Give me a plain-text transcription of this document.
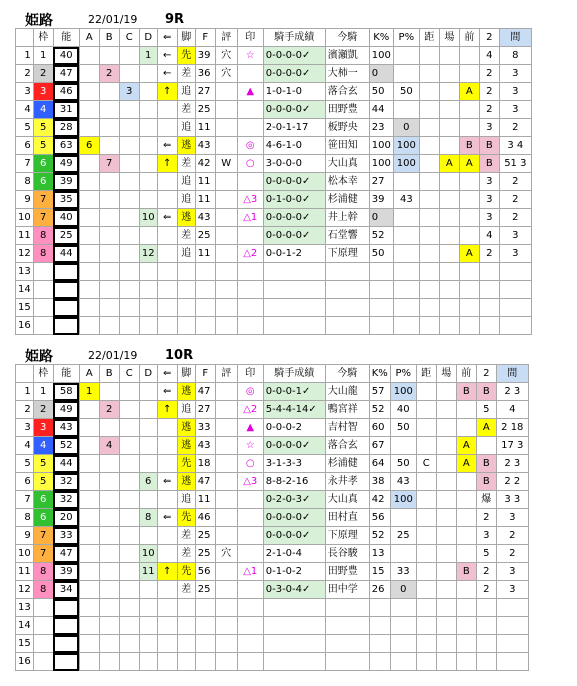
姫路	22/01/19 9R
	枠	能	A	B	C	D	⇐	脚	F	評	印	騎手成績	今騎	K%	P%	距	場	前	2	間
1	1	40				1	←	先	39	穴	☆	0-0-0-0✓	濱瀬凱	100					4	8
2	2	47		2			←	差	36	穴		0-0-0-0✓	大柿一	0					2	3
3	3	46			3		↑	追	27		▲	1-0-1-0	落合玄	50	50			A	2	3
4	4	31						差	25			0-0-0-0✓	田野豊	44					2	3
5	5	28						追	11			2-0-1-17	板野央	23	0				3	2
6	5	63	6				⇐	逃	43		◎	4-6-1-0	笹田知	100	100			B	B	3 4
7	6	49		7			↑	差	42	W	○	3-0-0-0	大山真	100	100		A	A	B	51 3
8	6	39						追	11			0-0-0-0✓	松本幸	27					3	2
9	7	35						追	11		△3	0-1-0-0✓	杉浦健	39	43				3	2
10	7	40				10	⇐	逃	43		△1	0-0-0-0✓	井上幹	0					3	2
11	8	25						差	25			0-0-0-0✓	石堂響	52					4	3
12	8	44				12		追	11		△2	0-0-1-2	下原理	50				A	2	3
13																				
14																				
15																				
16																				
姫路	22/01/19 10R
	枠	能	A	B	C	D	⇐	脚	F	評	印	騎手成績	今騎	K%	P%	距	場	前	2	間
1	1	58	1				⇐	逃	47		◎	0-0-0-1✓	大山龍	57	100			B	B	2 3
2	2	49		2			↑	追	27		△2	5-4-4-14✓	鴨宮祥	52	40				5	4
3	3	43						逃	33		▲	0-0-0-2	吉村智	60	50				A	2 18
4	4	52		4				逃	43		☆	0-0-0-0✓	落合玄	67				A		17 3
5	5	44						先	18		○	3-1-3-3	杉浦健	64	50	C		A	B	2 3
6	5	32				6	⇐	逃	47		△3	8-8-2-16	永井孝	38	43				B	2 2
7	6	32						追	11			0-2-0-3✓	大山真	42	100				爆	3 3
8	6	20				8	⇐	先	46			0-0-0-0✓	田村直	56					2	3
9	7	33						差	25			0-0-0-0✓	下原理	52	25				3	2
10	7	47				10		差	25	穴		2-1-0-4	長谷駿	13					5	2
11	8	39				11	↑	先	56		△1	0-1-0-2	田野豊	15	33			B	2	3
12	8	34						差	25			0-3-0-4✓	田中学	26	0				2	3
13																				
14																				
15																				
16																				
